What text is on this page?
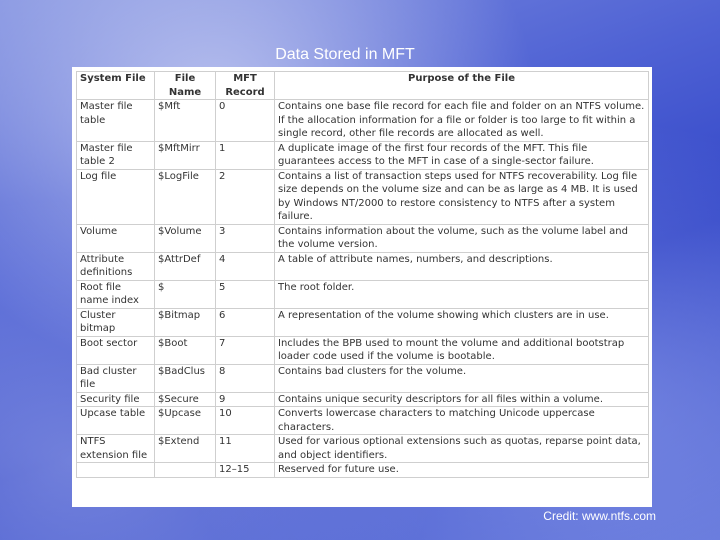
Data Stored in MFT
System File	File Name	MFT Record	Purpose of the File
Master file table	$Mft	0	Contains one base file record for each file and folder on an NTFS volume. If the allocation information for a file or folder is too large to fit within a single record, other file records are allocated as well.
Master file table 2	$MftMirr	1	A duplicate image of the first four records of the MFT. This file guarantees access to the MFT in case of a single-sector failure.
Log file	$LogFile	2	Contains a list of transaction steps used for NTFS recoverability. Log file size depends on the volume size and can be as large as 4 MB. It is used by Windows NT/2000 to restore consistency to NTFS after a system failure.
Volume	$Volume	3	Contains information about the volume, such as the volume label and the volume version.
Attribute definitions	$AttrDef	4	A table of attribute names, numbers, and descriptions.
Root file name index	$	5	The root folder.
Cluster bitmap	$Bitmap	6	A representation of the volume showing which clusters are in use.
Boot sector	$Boot	7	Includes the BPB used to mount the volume and additional bootstrap loader code used if the volume is bootable.
Bad cluster file	$BadClus	8	Contains bad clusters for the volume.
Security file	$Secure	9	Contains unique security descriptors for all files within a volume.
Upcase table	$Upcase	10	Converts lowercase characters to matching Unicode uppercase characters.
NTFS extension file	$Extend	11	Used for various optional extensions such as quotas, reparse point data, and object identifiers.
		12–15	Reserved for future use.
Credit: www.ntfs.com
